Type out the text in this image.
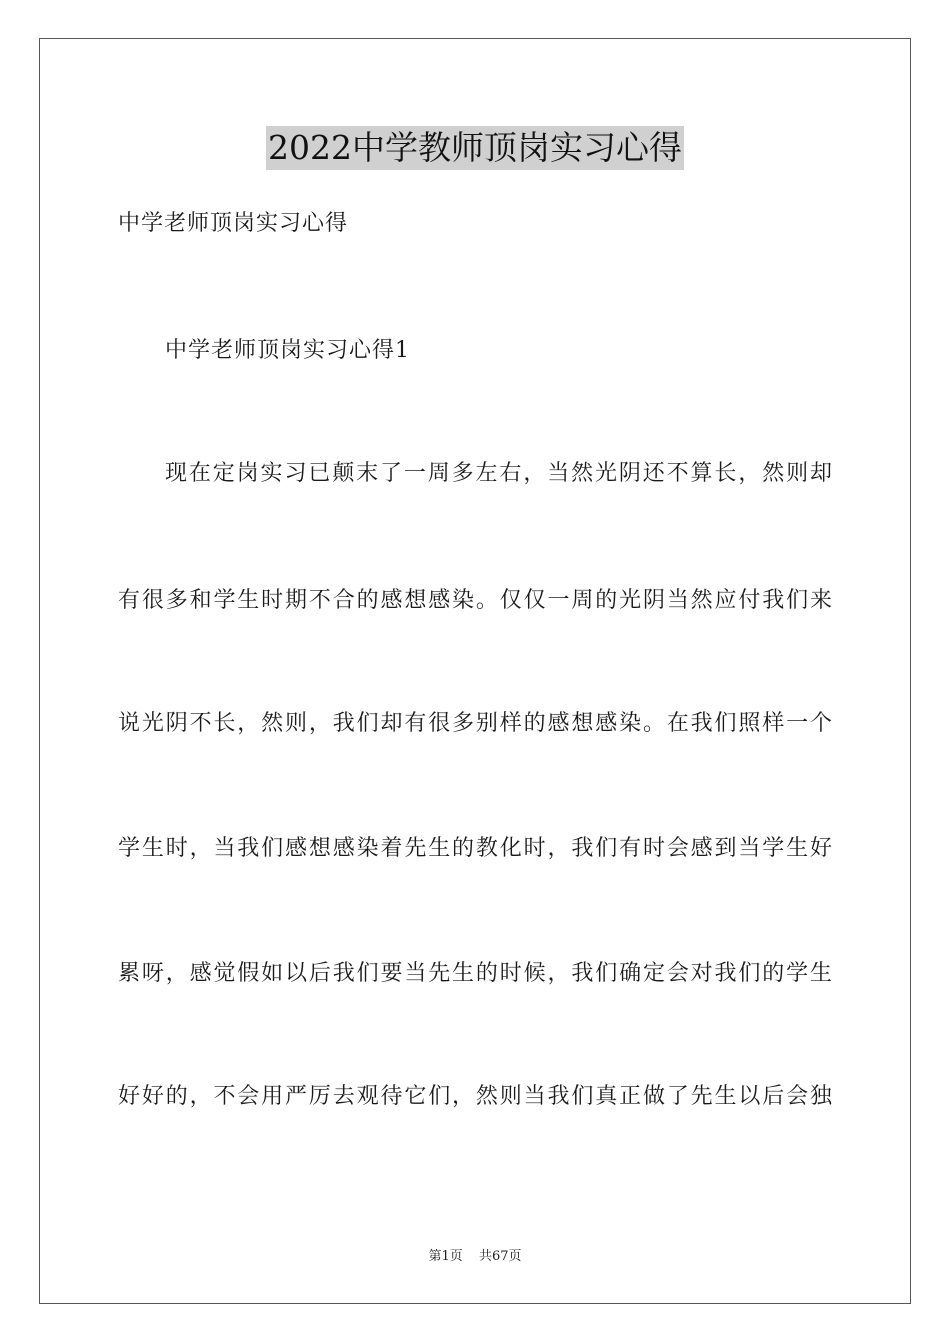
2022中学教师顶岗实习心得
中学老师顶岗实习心得
中学老师顶岗实习心得1
现在定岗实习已颠末了一周多左右，当然光阴还不算长，然则却
有很多和学生时期不合的感想感染。仅仅一周的光阴当然应付我们来
说光阴不长，然则，我们却有很多别样的感想感染。在我们照样一个
学生时，当我们感想感染着先生的教化时，我们有时会感到当学生好
累呀，感觉假如以后我们要当先生的时候，我们确定会对我们的学生
好好的，不会用严厉去观待它们，然则当我们真正做了先生以后会独
第1页 共67页
